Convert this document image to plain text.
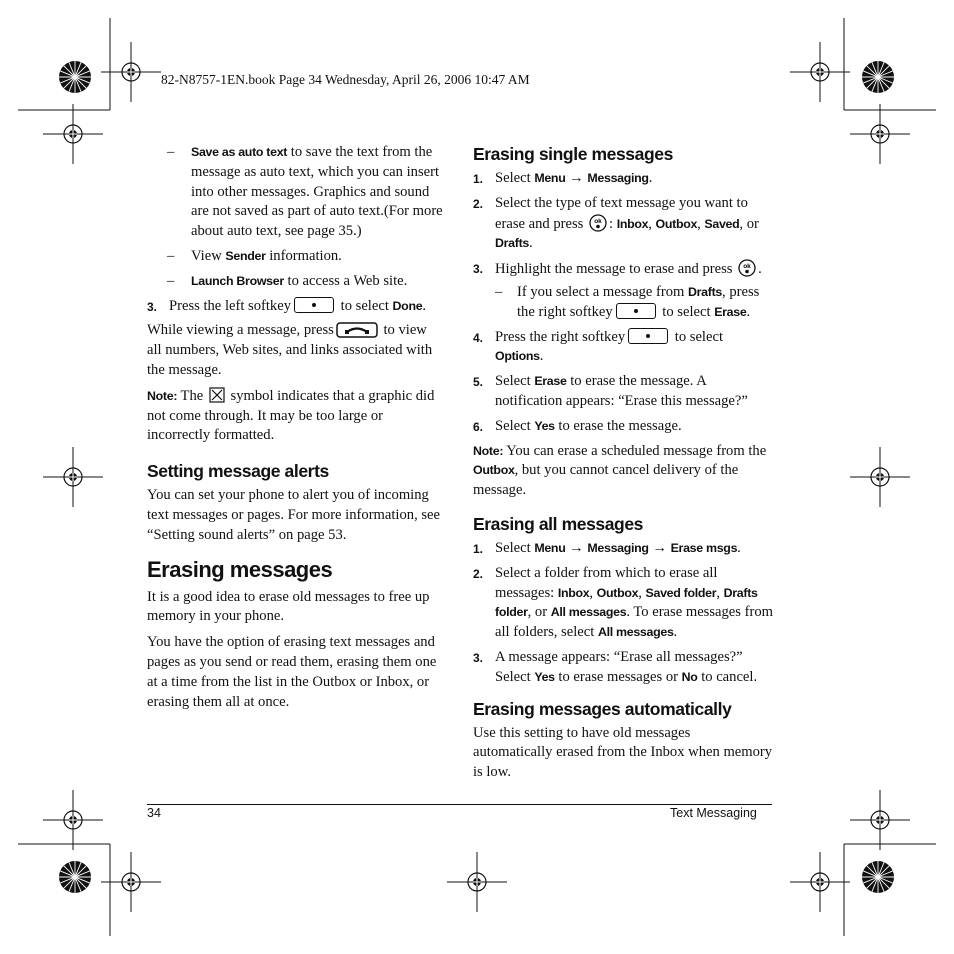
82-N8757-1EN.book Page 34 Wednesday, April 26, 2006 10:47 AM
– Save as auto text to save the text from the message as auto text, which you can insert into other messages. Graphics and sound are not saved as part of auto text.(For more about auto text, see page 35.)
– View Sender information.
– Launch Browser to access a Web site.
3. Press the left softkey	to select Done.

While viewing a message, press	to view all numbers, Web sites, and links associated with the message.

Note: The  symbol indicates that a graphic did not come through. It may be too large or incorrectly formatted.

Setting message alerts

You can set your phone to alert you of incoming text messages or pages. For more information, see “Setting sound alerts” on page 53.

Erasing messages

It is a good idea to erase old messages to free up memory in your phone.

You have the option of erasing text messages and pages as you send or read them, erasing them one at a time from the list in the Outbox or Inbox, or erasing them all at once.

Erasing single messages
1. Select Menu → Messaging.
2. Select the type of text message you want to erase and press ok : Inbox, Outbox, Saved, or Drafts.
3. Highlight the message to erase and press ok .
– If you select a message from Drafts, press the right softkey	to select Erase.
4. Press the right softkey	to select Options.
5. Select Erase to erase the message. A notification appears: “Erase this message?”
6. Select Yes to erase the message.

Note: You can erase a scheduled message from the Outbox, but you cannot cancel delivery of the message.

Erasing all messages
1. Select Menu → Messaging → Erase msgs.
2. Select a folder from which to erase all messages: Inbox, Outbox, Saved folder, Drafts folder, or All messages. To erase messages from all folders, select All messages.
3. A message appears: “Erase all messages?” Select Yes to erase messages or No to cancel.
Erasing messages automatically

Use this setting to have old messages automatically erased from the Inbox when memory is low.

34	Text Messaging
